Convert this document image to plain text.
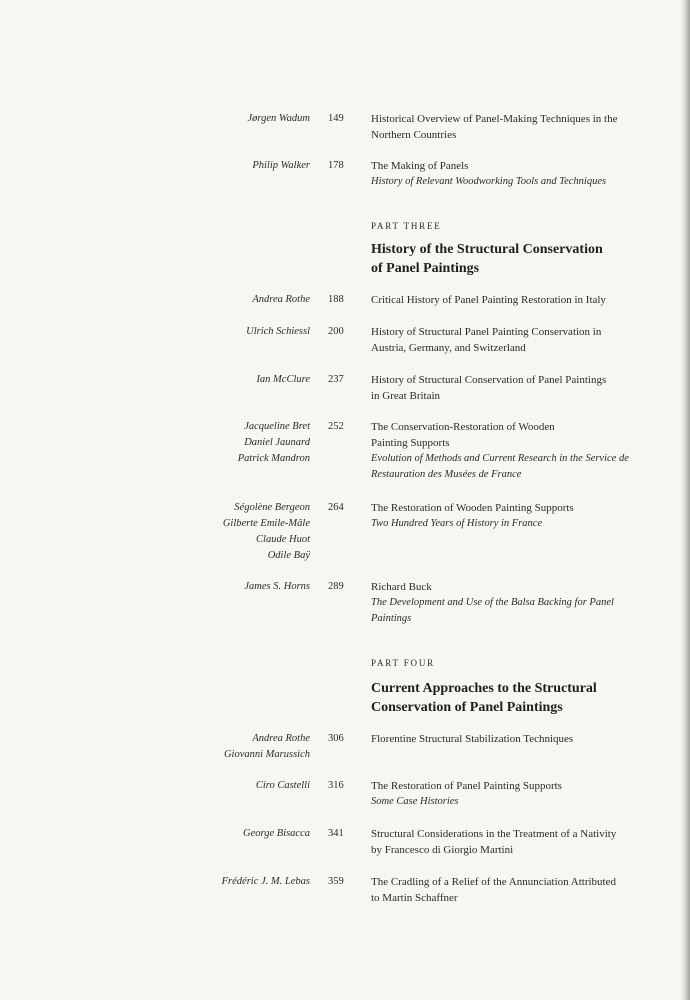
Jørgen Wadum 149	Historical Overview of Panel-Making Techniques in the
Northern Countries
Philip Walker 178	The Making of Panels
History of Relevant Woodworking Tools and Techniques
PART THREE
History of the Structural Conservation
of Panel Paintings
Andrea Rothe 188	Critical History of Panel Painting Restoration in Italy
Ulrich Schiessl 200	History of Structural Panel Painting Conservation in
Austria, Germany, and Switzerland
Ian McClure 237	History of Structural Conservation of Panel Paintings
in Great Britain
Jacqueline Bret
Daniel Jaunard
Patrick Mandron
252	The Conservation-Restoration of Wooden
Painting Supports
Evolution of Methods and Current Research in the Service de
Restauration des Musées de France
Ségolène Bergeon
Gilberte Emile-Mâle
Claude Huot
Odile Baÿ
264	The Restoration of Wooden Painting Supports
Two Hundred Years of History in France
James S. Horns 289	Richard Buck
The Development and Use of the Balsa Backing for Panel
Paintings
PART FOUR
Current Approaches to the Structural
Conservation of Panel Paintings
Andrea Rothe
Giovanni Marussich
306	Florentine Structural Stabilization Techniques
Ciro Castelli 316	The Restoration of Panel Painting Supports
Some Case Histories
George Bisacca 341	Structural Considerations in the Treatment of a Nativity
by Francesco di Giorgio Martini
Frédéric J. M. Lebas 359	The Cradling of a Relief of the Annunciation Attributed
to Martin Schaffner
